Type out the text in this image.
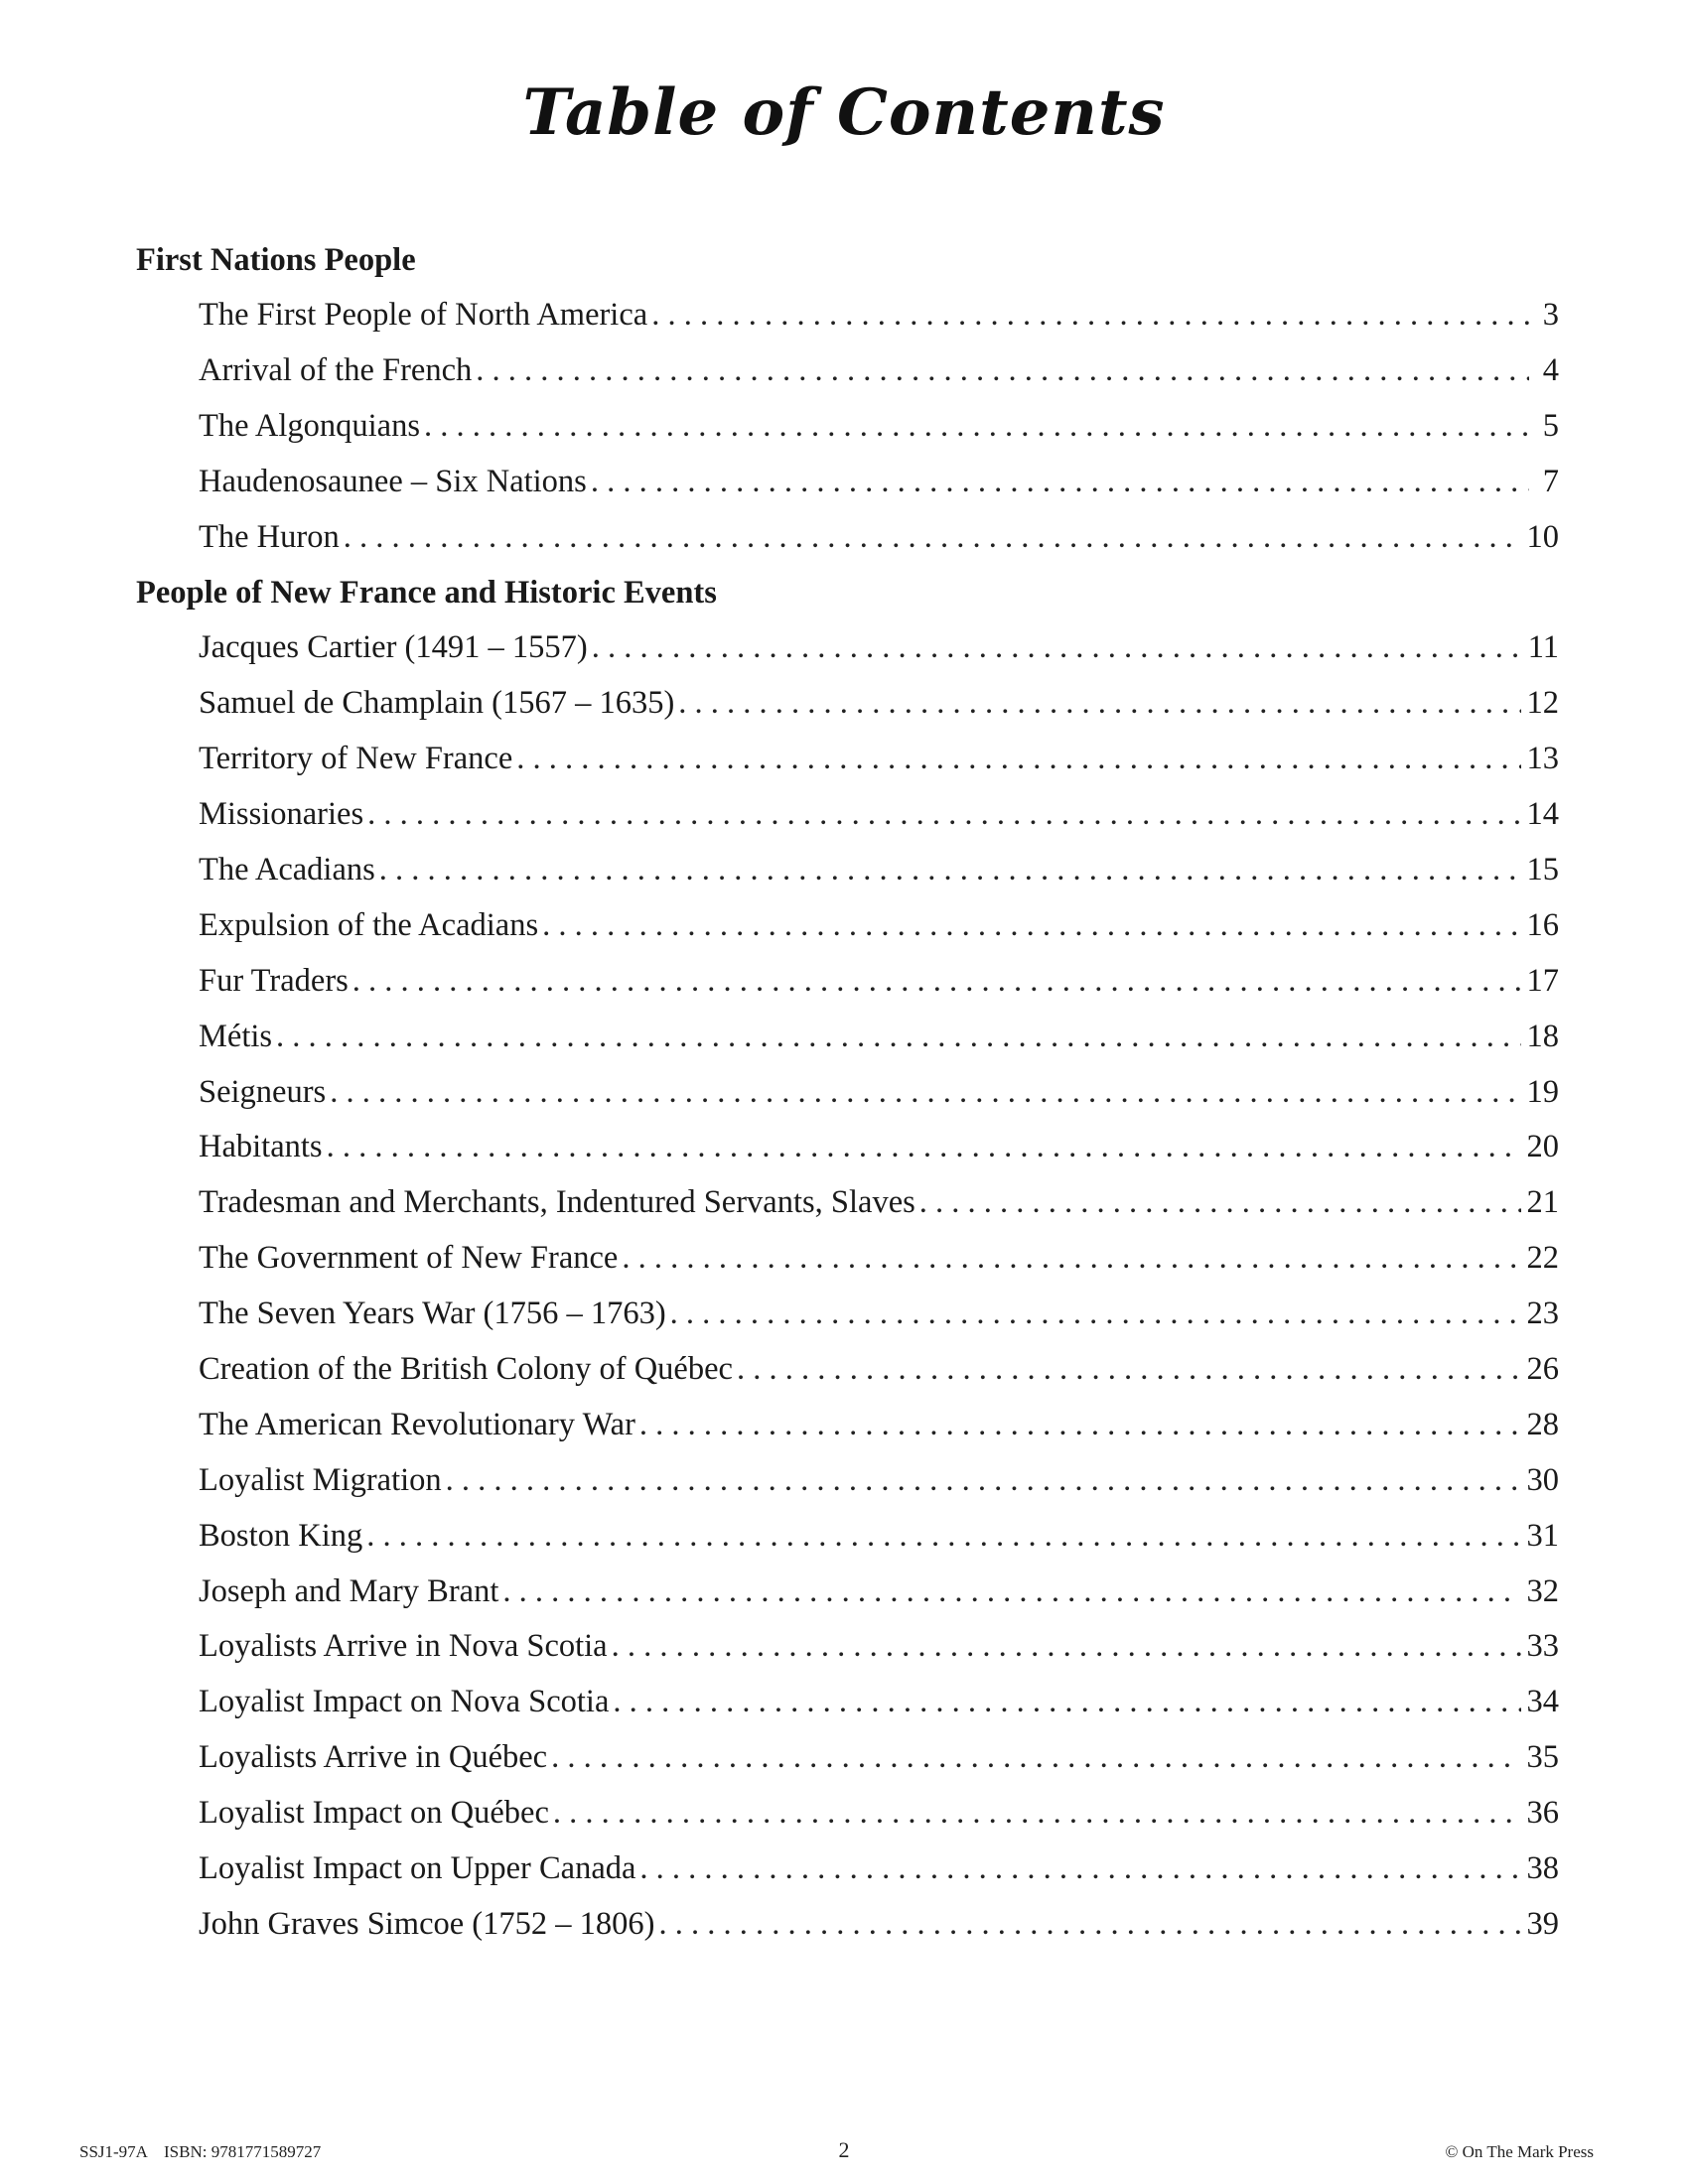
Table of Contents
First Nations People
The First People of North America . . .	3
Arrival of the French . . .	4
The Algonquians . . .	5
Haudenosaunee – Six Nations . . .	7
The Huron . . .	10
People of New France and Historic Events
Jacques Cartier (1491 – 1557) . . .	11
Samuel de Champlain (1567 – 1635) . . .	12
Territory of New France . . .	13
Missionaries . . .	14
The Acadians . . .	15
Expulsion of the Acadians . . .	16
Fur Traders . . .	17
Métis . . .	18
Seigneurs . . .	19
Habitants . . .	20
Tradesman and Merchants, Indentured Servants, Slaves . . .	21
The Government of New France . . .	22
The Seven Years War (1756 – 1763) . . .	23
Creation of the British Colony of Québec . . .	26
The American Revolutionary War . . .	28
Loyalist Migration . . .	30
Boston King . . .	31
Joseph and Mary Brant . . .	32
Loyalists Arrive in Nova Scotia . . .	33
Loyalist Impact on Nova Scotia . . .	34
Loyalists Arrive in Québec . . .	35
Loyalist Impact on Québec . . .	36
Loyalist Impact on Upper Canada . . .	38
John Graves Simcoe (1752 – 1806) . . .	39
SSJ1-97A    ISBN: 9781771589727	2	© On The Mark Press
